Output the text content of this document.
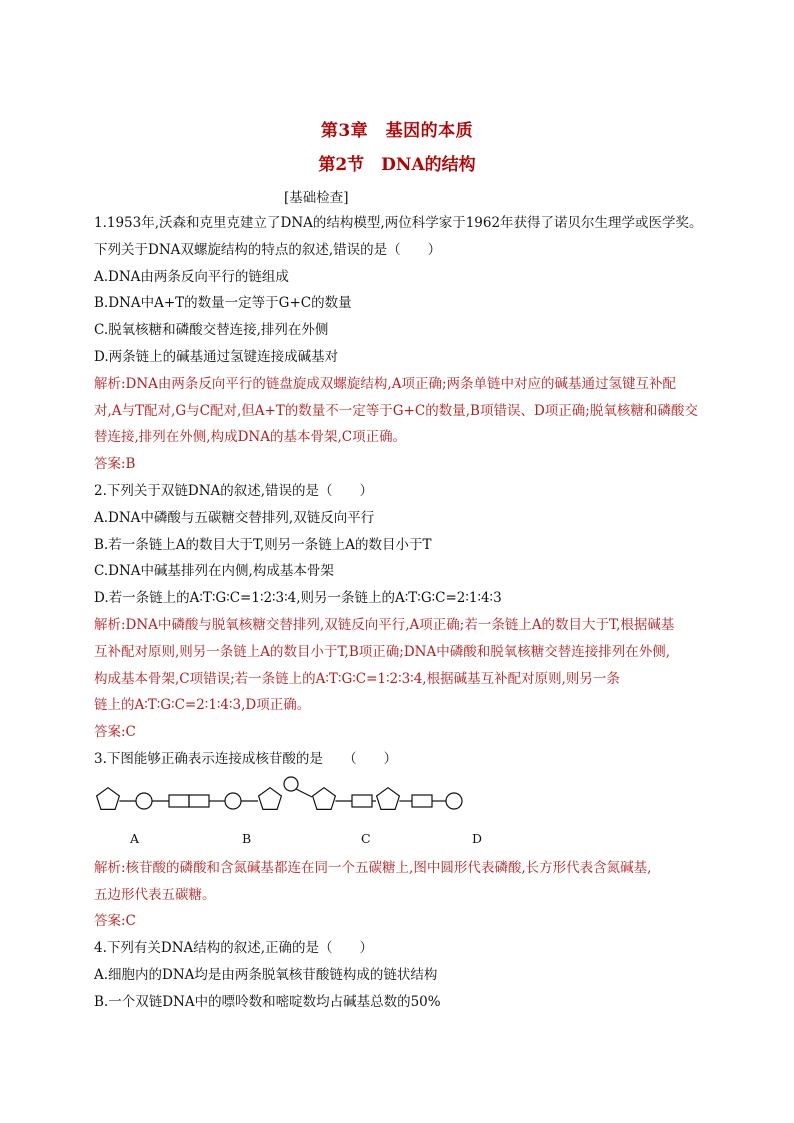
第3章　基因的本质
第2节　DNA的结构
[基础检查]
1.1953年,沃森和克里克建立了DNA的结构模型,两位科学家于1962年获得了诺贝尔生理学或医学奖。
下列关于DNA双螺旋结构的特点的叙述,错误的是（　　）
A.DNA由两条反向平行的链组成
B.DNA中A+T的数量一定等于G+C的数量
C.脱氧核糖和磷酸交替连接,排列在外侧
D.两条链上的碱基通过氢键连接成碱基对
解析:DNA由两条反向平行的链盘旋成双螺旋结构,A项正确;两条单链中对应的碱基通过氢键互补配
对,A与T配对,G与C配对,但A+T的数量不一定等于G+C的数量,B项错误、D项正确;脱氧核糖和磷酸交
替连接,排列在外侧,构成DNA的基本骨架,C项正确。
答案:B
2.下列关于双链DNA的叙述,错误的是（　　）
A.DNA中磷酸与五碳糖交替排列,双链反向平行
B.若一条链上A的数目大于T,则另一条链上A的数目小于T
C.DNA中碱基排列在内侧,构成基本骨架
D.若一条链上的A∶T∶G∶C=1∶2∶3∶4,则另一条链上的A∶T∶G∶C=2∶1∶4∶3
解析:DNA中磷酸与脱氧核糖交替排列,双链反向平行,A项正确;若一条链上A的数目大于T,根据碱基
互补配对原则,则另一条链上A的数目小于T,B项正确;DNA中磷酸和脱氧核糖交替连接排列在外侧,
构成基本骨架,C项错误;若一条链上的A∶T∶G∶C=1∶2∶3∶4,根据碱基互补配对原则,则另一条
链上的A∶T∶G∶C=2∶1∶4∶3,D项正确。
答案:C
3.下图能够正确表示连接成核苷酸的是　　（　　）
A	B	C	D
解析:核苷酸的磷酸和含氮碱基都连在同一个五碳糖上,图中圆形代表磷酸,长方形代表含氮碱基,
五边形代表五碳糖。
答案:C
4.下列有关DNA结构的叙述,正确的是（　　）
A.细胞内的DNA均是由两条脱氧核苷酸链构成的链状结构
B.一个双链DNA中的嘌呤数和嘧啶数均占碱基总数的50%
